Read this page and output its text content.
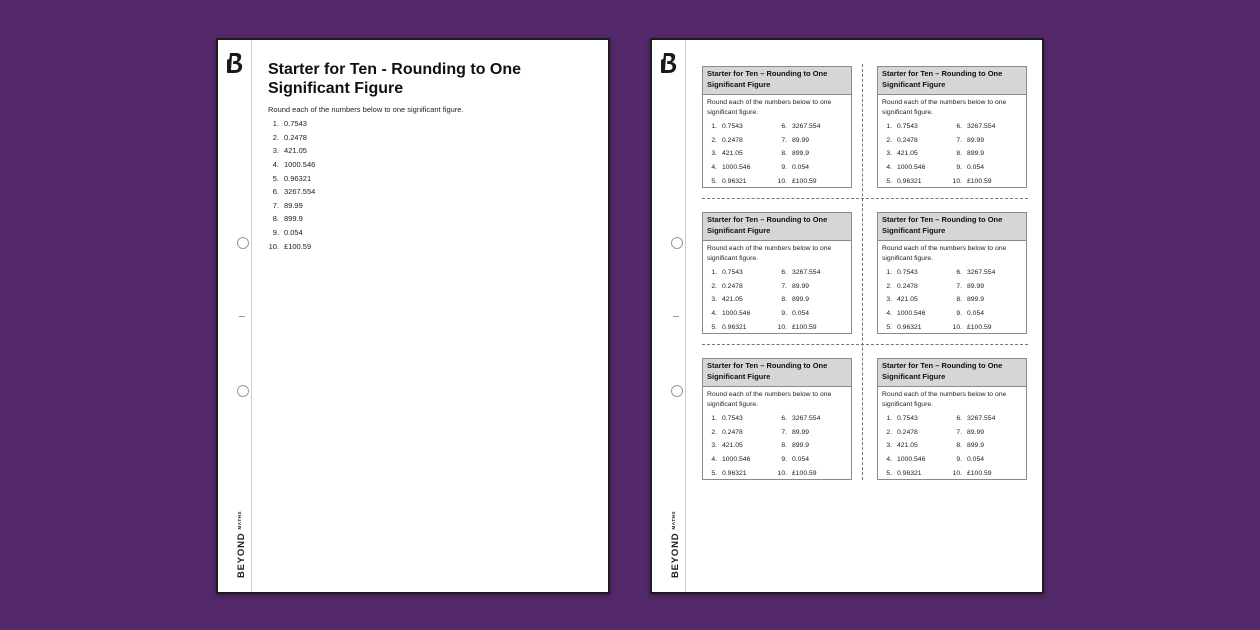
BEYOND
MATHS
Starter for Ten - Rounding to One Significant Figure
Round each of the numbers below to one significant figure.
1. 0.7543
2. 0.2478
3. 421.05
4. 1000.546
5. 0.96321
6. 3267.554
7. 89.99
8. 899.9
9. 0.054
10. £100.59
BEYOND
MATHS
Starter for Ten – Rounding to One Significant Figure
Round each of the numbers below to one significant figure.
1. 0.7543	6. 3267.554
2. 0.2478	7. 89.99
3. 421.05	8. 899.9
4. 1000.546	9. 0.054
5. 0.96321	10. £100.59
Starter for Ten – Rounding to One Significant Figure
Round each of the numbers below to one significant figure.
1. 0.7543	6. 3267.554
2. 0.2478	7. 89.99
3. 421.05	8. 899.9
4. 1000.546	9. 0.054
5. 0.96321	10. £100.59
Starter for Ten – Rounding to One Significant Figure
Round each of the numbers below to one significant figure.
1. 0.7543	6. 3267.554
2. 0.2478	7. 89.99
3. 421.05	8. 899.9
4. 1000.546	9. 0.054
5. 0.96321	10. £100.59
Starter for Ten – Rounding to One Significant Figure
Round each of the numbers below to one significant figure.
1. 0.7543	6. 3267.554
2. 0.2478	7. 89.99
3. 421.05	8. 899.9
4. 1000.546	9. 0.054
5. 0.96321	10. £100.59
Starter for Ten – Rounding to One Significant Figure
Round each of the numbers below to one significant figure.
1. 0.7543	6. 3267.554
2. 0.2478	7. 89.99
3. 421.05	8. 899.9
4. 1000.546	9. 0.054
5. 0.96321	10. £100.59
Starter for Ten – Rounding to One Significant Figure
Round each of the numbers below to one significant figure.
1. 0.7543	6. 3267.554
2. 0.2478	7. 89.99
3. 421.05	8. 899.9
4. 1000.546	9. 0.054
5. 0.96321	10. £100.59
